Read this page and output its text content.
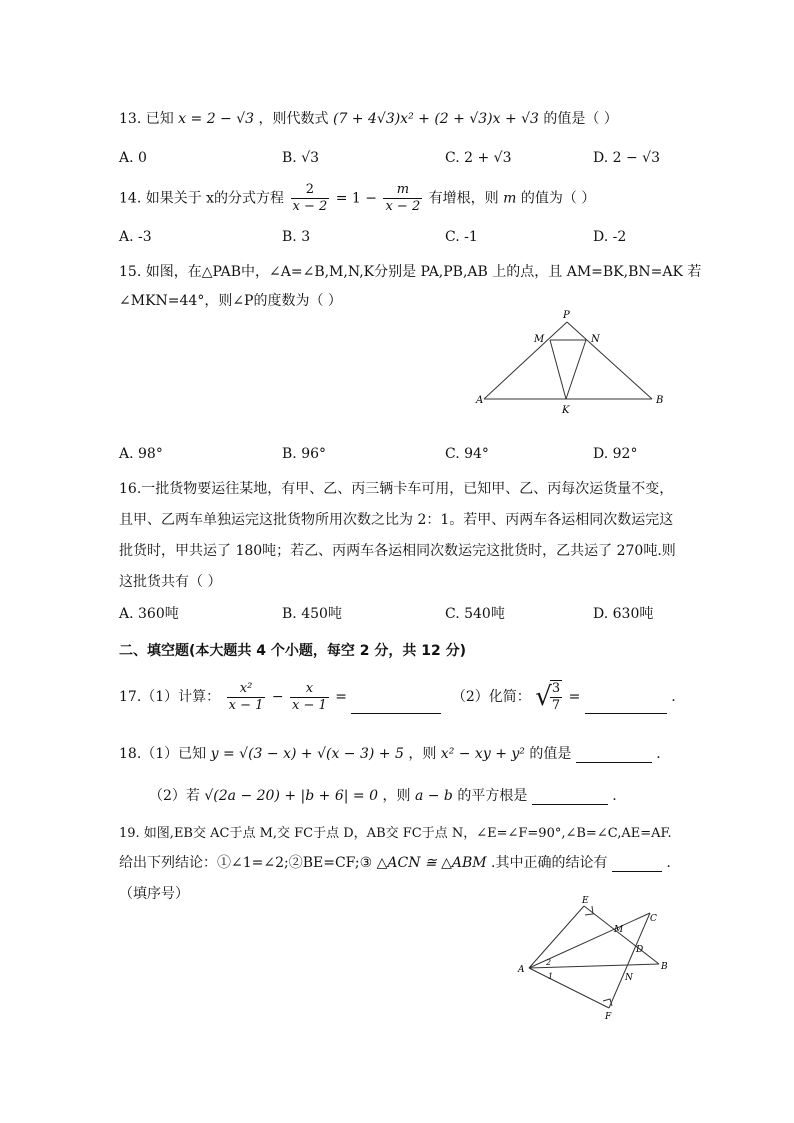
13. 已知 x = 2 − √3 ，则代数式 (7 + 4√3)x² + (2 + √3)x + √3 的值是（ ）
A. 0	B. √3	C. 2 + √3	D. 2 − √3
14. 如果关于 x的分式方程 $\frac{2}{x - 2} = 1 - \frac{m}{x - 2}$ 有增根，则 m 的值为（ ）
A. -3	B. 3	C. -1	D. -2
15. 如图，在△PAB中，∠A=∠B,M,N,K分别是 PA,PB,AB 上的点，且 AM=BK,BN=AK 若
∠MKN=44°，则∠P的度数为（ ）
P
M	N
A
K
B
A. 98°	B. 96°	C. 94°	D. 92°
16.一批货物要运往某地，有甲、乙、丙三辆卡车可用，已知甲、乙、丙每次运货量不变，
且甲、乙两车单独运完这批货物所用次数之比为 2：1。若甲、丙两车各运相同次数运完这
批货时，甲共运了 180吨；若乙、丙两车各运相同次数运完这批货时，乙共运了 270吨.则
这批货共有（ ）
A. 360吨	B. 450吨	C. 540吨	D. 630吨
二、填空题(本大题共 4 个小题，每空 2 分，共 12 分)
17.（1）计算： $\frac{\text{x²}}{x - 1} - \frac{x}{x - 1}$ =	（2）化简： √
$\frac{3}{7}$ =	.
18.（1）已知 y = √(3 − x) + √(x − 3) + 5 ，则 x² − xy + y² 的值是	.
（2）若 √(2a − 20) + |b + 6| = 0 ，则 a − b 的平方根是	.
19. 如图,EB交 AC于点 M,交 FC于点 D，AB交 FC于点 N，∠E=∠F=90°,∠B=∠C,AE=AF.
给出下列结论：①∠1=∠2;②BE=CF;③ △ACN ≅ △ABM .其中正确的结论有	.
（填序号）	E
C
M
D
A
2
1
B
N
F
